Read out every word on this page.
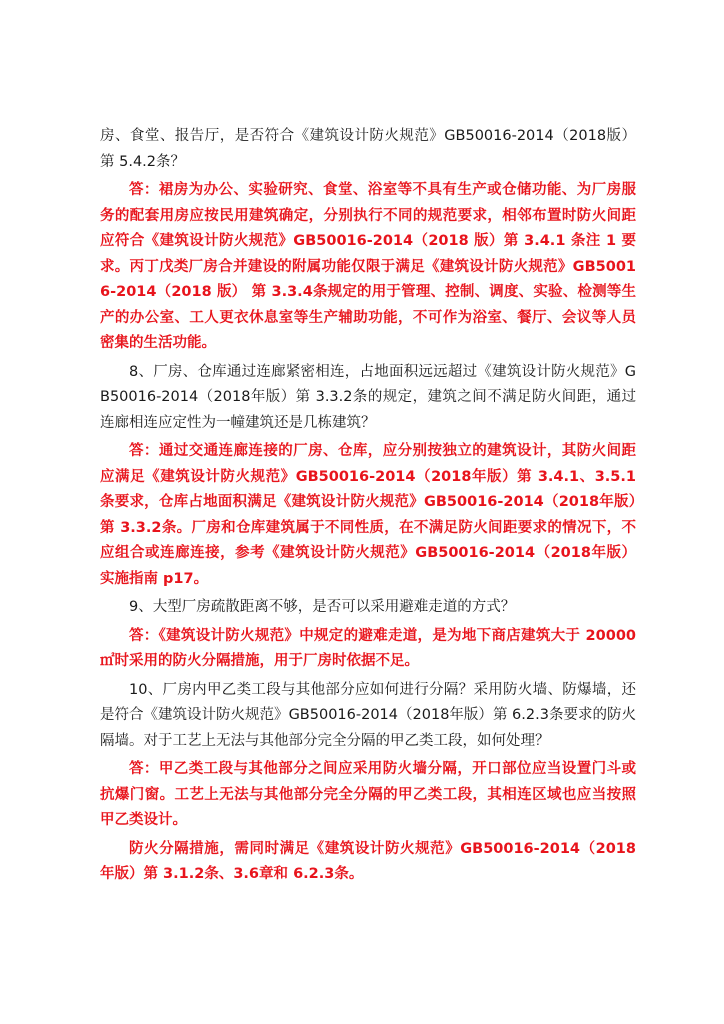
房、食堂、报告厅，是否符合《建筑设计防火规范》GB50016-2014（2018版）第 5.4.2条？

答：裙房为办公、实验研究、食堂、浴室等不具有生产或仓储功能、为厂房服务的配套用房应按民用建筑确定，分别执行不同的规范要求，相邻布置时防火间距应符合《建筑设计防火规范》GB50016-2014（2018 版）第 3.4.1 条注 1 要求。丙丁戊类厂房合并建设的附属功能仅限于满足《建筑设计防火规范》GB50016-2014（2018 版） 第 3.3.4条规定的用于管理、控制、调度、实验、检测等生产的办公室、工人更衣休息室等生产辅助功能，不可作为浴室、餐厅、会议等人员密集的生活功能。

8、厂房、仓库通过连廊紧密相连，占地面积远远超过《建筑设计防火规范》GB50016-2014（2018年版）第 3.3.2条的规定，建筑之间不满足防火间距，通过连廊相连应定性为一幢建筑还是几栋建筑？

答：通过交通连廊连接的厂房、仓库，应分别按独立的建筑设计，其防火间距应满足《建筑设计防火规范》GB50016-2014（2018年版）第 3.4.1、3.5.1条要求，仓库占地面积满足《建筑设计防火规范》GB50016-2014（2018年版）第 3.3.2条。厂房和仓库建筑属于不同性质，在不满足防火间距要求的情况下，不应组合或连廊连接，参考《建筑设计防火规范》GB50016-2014（2018年版）实施指南 p17。

9、大型厂房疏散距离不够，是否可以采用避难走道的方式？

答：《建筑设计防火规范》中规定的避难走道，是为地下商店建筑大于 20000㎡时采用的防火分隔措施，用于厂房时依据不足。

10、厂房内甲乙类工段与其他部分应如何进行分隔？采用防火墙、防爆墙，还是符合《建筑设计防火规范》GB50016-2014（2018年版）第 6.2.3条要求的防火隔墙。对于工艺上无法与其他部分完全分隔的甲乙类工段，如何处理？

答：甲乙类工段与其他部分之间应采用防火墙分隔，开口部位应当设置门斗或抗爆门窗。工艺上无法与其他部分完全分隔的甲乙类工段，其相连区域也应当按照甲乙类设计。

防火分隔措施，需同时满足《建筑设计防火规范》GB50016-2014（2018年版）第 3.1.2条、3.6章和 6.2.3条。
